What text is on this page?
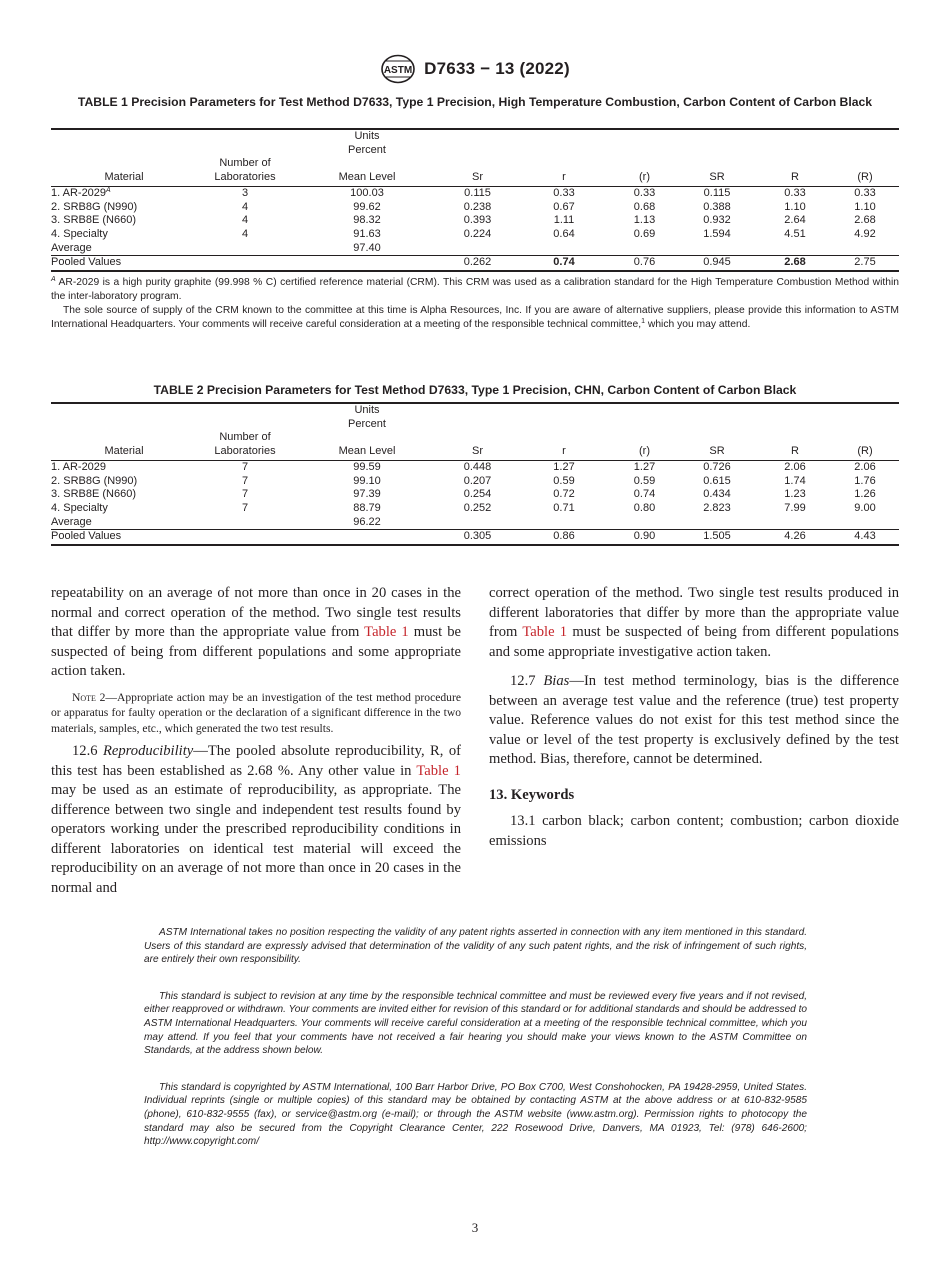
ASTM D7633 − 13 (2022)
TABLE 1 Precision Parameters for Test Method D7633, Type 1 Precision, High Temperature Combustion, Carbon Content of Carbon Black
		Units						
		Percent						
Material	Number of Laboratories	Mean Level	Sr	r	(r)	SR	R	(R)
1. $AR-2029^A$	3	100.03	0.115	0.33	0.33	0.115	0.33	0.33
2. SRB8G (N990)	4	99.62	0.238	0.67	0.68	0.388	1.10	1.10
3. SRB8E (N660)	4	98.32	0.393	1.11	1.13	0.932	2.64	2.68
4. Specialty	4	91.63	0.224	0.64	0.69	1.594	4.51	4.92
Average		97.40						
Pooled Values			0.262	0.74	0.76	0.945	2.68	2.75

$^A$ AR-2029 is a high purity graphite (99.998 % C) certified reference material (CRM). This CRM was used as a calibration standard for the High Temperature Combustion Method within the inter-laboratory program.

The sole source of supply of the CRM known to the committee at this time is Alpha Resources, Inc. If you are aware of alternative suppliers, please provide this information to ASTM International Headquarters. Your comments will receive careful consideration at a meeting of the responsible technical committee,$^1$ which you may attend.

TABLE 2 Precision Parameters for Test Method D7633, Type 1 Precision, CHN, Carbon Content of Carbon Black
		Units						
		Percent						
Material	Number of Laboratories	Mean Level	Sr	r	(r)	SR	R	(R)
1. AR-2029	7	99.59	0.448	1.27	1.27	0.726	2.06	2.06
2. SRB8G (N990)	7	99.10	0.207	0.59	0.59	0.615	1.74	1.76
3. SRB8E (N660)	7	97.39	0.254	0.72	0.74	0.434	1.23	1.26
4. Specialty	7	88.79	0.252	0.71	0.80	2.823	7.99	9.00
Average		96.22						
Pooled Values			0.305	0.86	0.90	1.505	4.26	4.43

repeatability on an average of not more than once in 20 cases in the normal and correct operation of the method. Two single test results that differ by more than the appropriate value from Table 1 must be suspected of being from different populations and some appropriate action taken.

Note 2—Appropriate action may be an investigation of the test method procedure or apparatus for faulty operation or the declaration of a significant difference in the two materials, samples, etc., which generated the two test results.

12.6 Reproducibility—The pooled absolute reproducibility, R, of this test has been established as 2.68 %. Any other value in Table 1 may be used as an estimate of reproducibility, as appropriate. The difference between two single and independent test results found by operators working under the prescribed reproducibility conditions in different laboratories on identical test material will exceed the reproducibility on an average of not more than once in 20 cases in the normal and

correct operation of the method. Two single test results produced in different laboratories that differ by more than the appropriate value from Table 1 must be suspected of being from different populations and some appropriate investigative action taken.

12.7 Bias—In test method terminology, bias is the difference between an average test value and the reference (true) test property value. Reference values do not exist for this test method since the value or level of the test property is exclusively defined by the test method. Bias, therefore, cannot be determined.

13. Keywords

13.1 carbon black; carbon content; combustion; carbon dioxide emissions

ASTM International takes no position respecting the validity of any patent rights asserted in connection with any item mentioned in this standard. Users of this standard are expressly advised that determination of the validity of any such patent rights, and the risk of infringement of such rights, are entirely their own responsibility.

This standard is subject to revision at any time by the responsible technical committee and must be reviewed every five years and if not revised, either reapproved or withdrawn. Your comments are invited either for revision of this standard or for additional standards and should be addressed to ASTM International Headquarters. Your comments will receive careful consideration at a meeting of the responsible technical committee, which you may attend. If you feel that your comments have not received a fair hearing you should make your views known to the ASTM Committee on Standards, at the address shown below.

This standard is copyrighted by ASTM International, 100 Barr Harbor Drive, PO Box C700, West Conshohocken, PA 19428-2959, United States. Individual reprints (single or multiple copies) of this standard may be obtained by contacting ASTM at the above address or at 610-832-9585 (phone), 610-832-9555 (fax), or service@astm.org (e-mail); or through the ASTM website (www.astm.org). Permission rights to photocopy the standard may also be secured from the Copyright Clearance Center, 222 Rosewood Drive, Danvers, MA 01923, Tel: (978) 646-2600; http://www.copyright.com/

3
